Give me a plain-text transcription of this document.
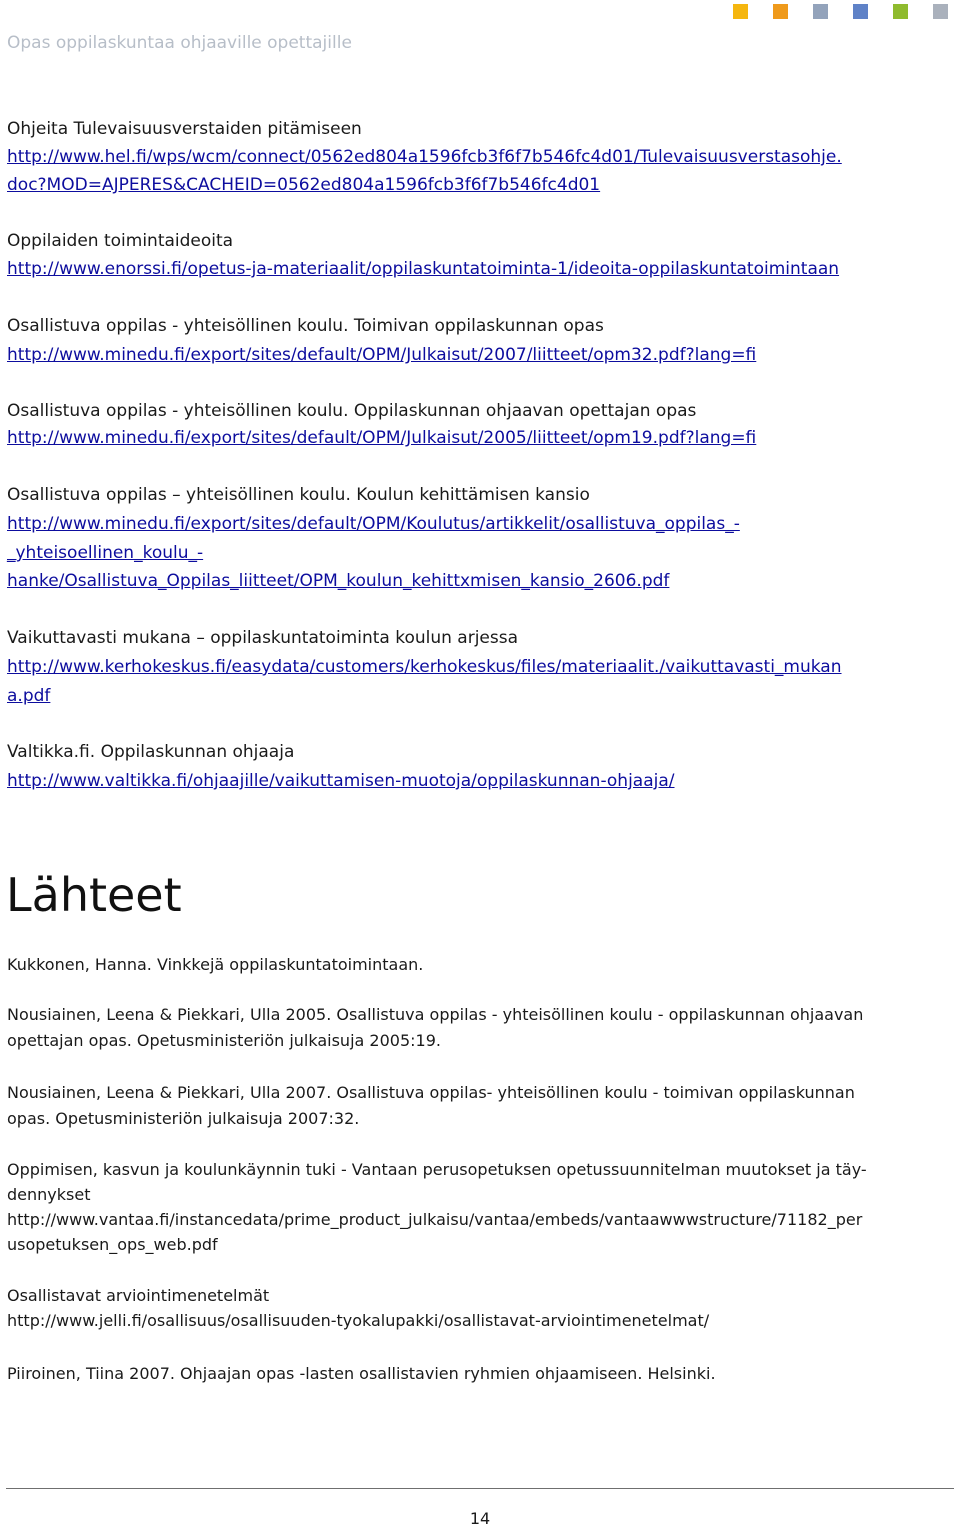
Opas oppilaskuntaa ohjaaville opettajille
Ohjeita Tulevaisuusverstaiden pitämiseen
http://www.hel.fi/wps/wcm/connect/0562ed804a1596fcb3f6f7b546fc4d01/Tulevaisuusverstasohje.
doc?MOD=AJPERES&CACHEID=0562ed804a1596fcb3f6f7b546fc4d01
Oppilaiden toimintaideoita
http://www.enorssi.fi/opetus-ja-materiaalit/oppilaskuntatoiminta-1/ideoita-oppilaskuntatoimintaan
Osallistuva oppilas - yhteisöllinen koulu. Toimivan oppilaskunnan opas
http://www.minedu.fi/export/sites/default/OPM/Julkaisut/2007/liitteet/opm32.pdf?lang=fi
Osallistuva oppilas - yhteisöllinen koulu. Oppilaskunnan ohjaavan opettajan opas
http://www.minedu.fi/export/sites/default/OPM/Julkaisut/2005/liitteet/opm19.pdf?lang=fi
Osallistuva oppilas – yhteisöllinen koulu. Koulun kehittämisen kansio
http://www.minedu.fi/export/sites/default/OPM/Koulutus/artikkelit/osallistuva_oppilas_-
_yhteisoellinen_koulu_-
hanke/Osallistuva_Oppilas_liitteet/OPM_koulun_kehittxmisen_kansio_2606.pdf
Vaikuttavasti mukana – oppilaskuntatoiminta koulun arjessa
http://www.kerhokeskus.fi/easydata/customers/kerhokeskus/files/materiaalit./vaikuttavasti_mukan
a.pdf
Valtikka.fi. Oppilaskunnan ohjaaja
http://www.valtikka.fi/ohjaajille/vaikuttamisen-muotoja/oppilaskunnan-ohjaaja/
Lähteet
Kukkonen, Hanna. Vinkkejä oppilaskuntatoimintaan.
Nousiainen, Leena & Piekkari, Ulla 2005. Osallistuva oppilas - yhteisöllinen koulu - oppilaskunnan ohjaavan
opettajan opas. Opetusministeriön julkaisuja 2005:19.
Nousiainen, Leena & Piekkari, Ulla 2007. Osallistuva oppilas- yhteisöllinen koulu - toimivan oppilaskunnan
opas. Opetusministeriön julkaisuja 2007:32.
Oppimisen, kasvun ja koulunkäynnin tuki - Vantaan perusopetuksen opetussuunnitelman muutokset ja täy-
dennykset
http://www.vantaa.fi/instancedata/prime_product_julkaisu/vantaa/embeds/vantaawwwstructure/71182_per
usopetuksen_ops_web.pdf
Osallistavat arviointimenetelmät
http://www.jelli.fi/osallisuus/osallisuuden-tyokalupakki/osallistavat-arviointimenetelmat/
Piiroinen, Tiina 2007. Ohjaajan opas -lasten osallistavien ryhmien ohjaamiseen. Helsinki.
14
